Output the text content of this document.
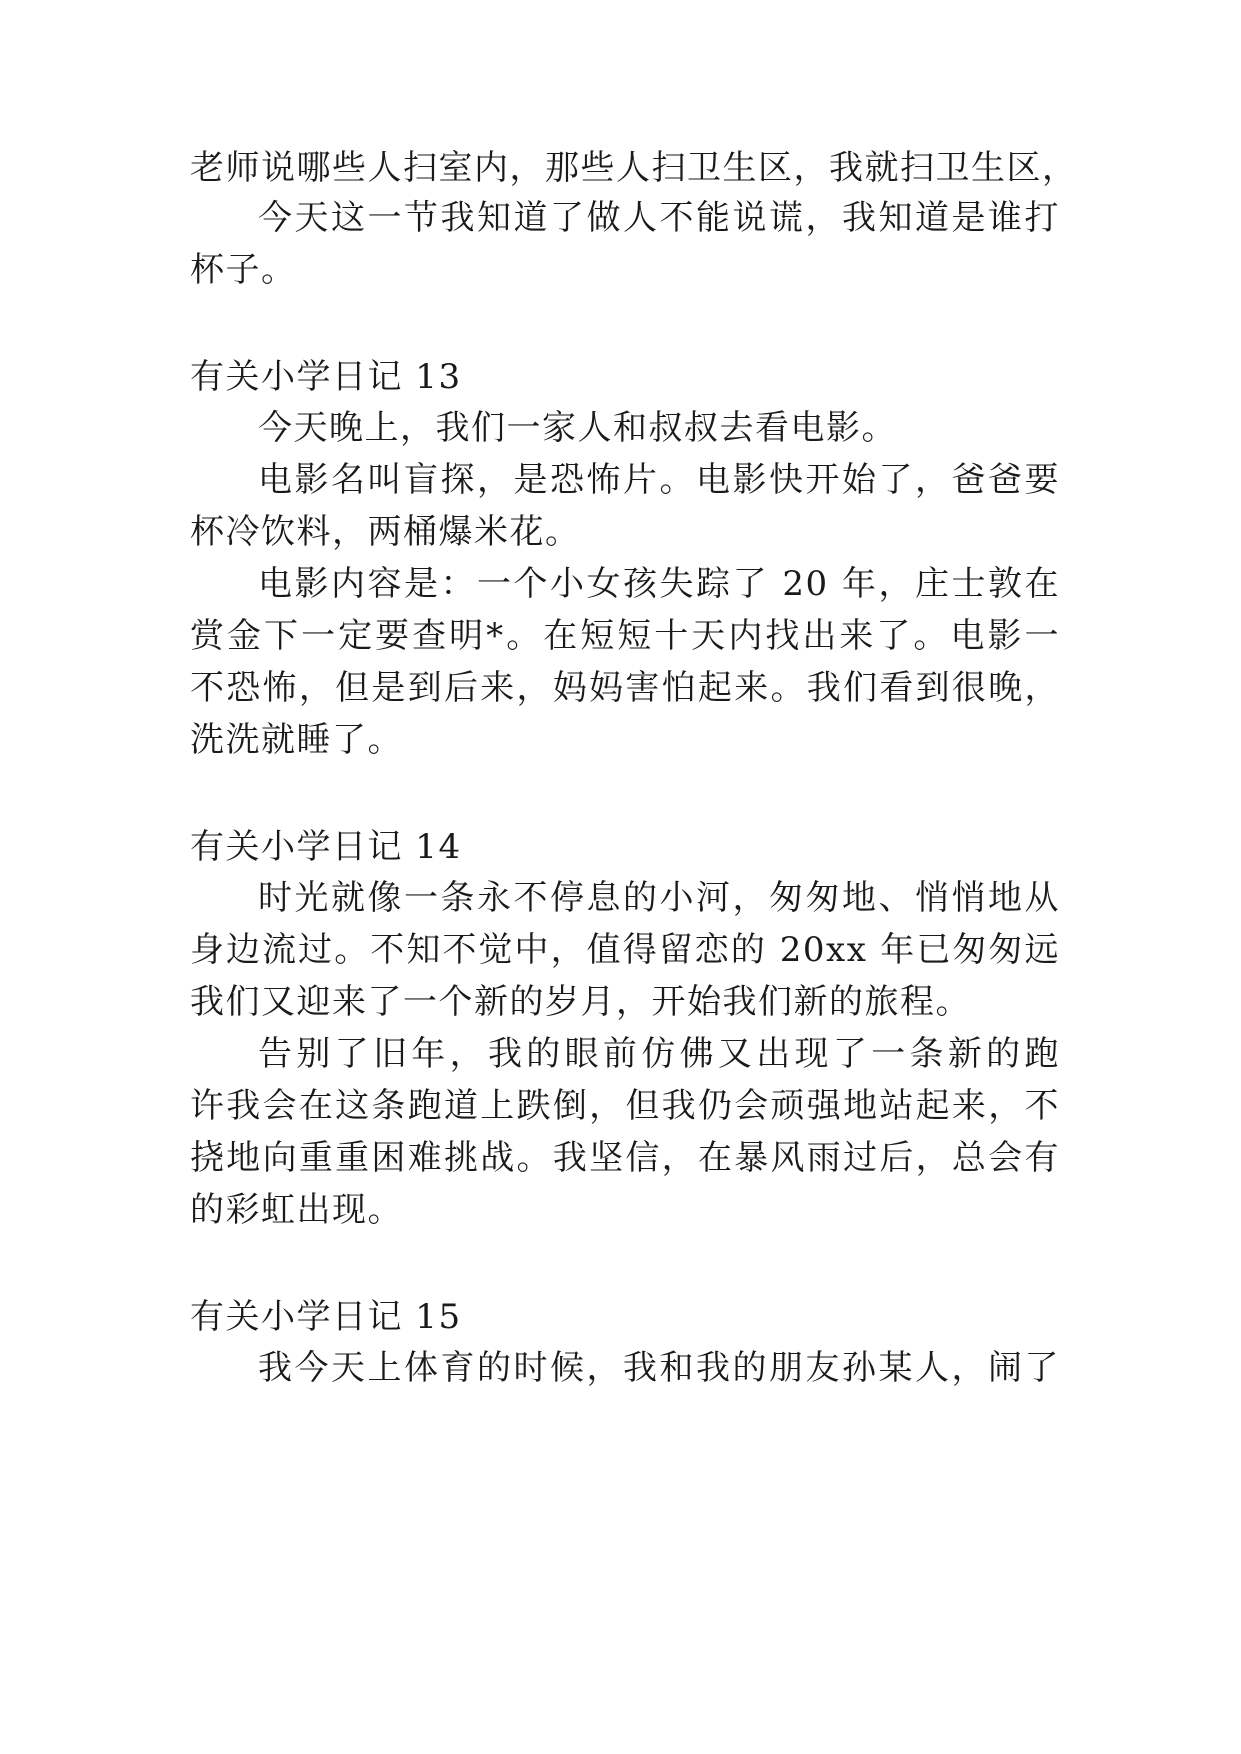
老师说哪些人扫室内，那些人扫卫生区，我就扫卫生区，
今天这一节我知道了做人不能说谎，我知道是谁打
杯子。
有关小学日记 13
今天晚上，我们一家人和叔叔去看电影。
电影名叫盲探，是恐怖片。电影快开始了，爸爸要
杯冷饮料，两桶爆米花。
电影内容是：一个小女孩失踪了 20 年，庄士敦在
赏金下一定要查明*。在短短十天内找出来了。电影一
不恐怖，但是到后来，妈妈害怕起来。我们看到很晚，
洗洗就睡了。
有关小学日记 14
时光就像一条永不停息的小河，匆匆地、悄悄地从
身边流过。不知不觉中，值得留恋的 20xx 年已匆匆远
我们又迎来了一个新的岁月，开始我们新的旅程。
告别了旧年，我的眼前仿佛又出现了一条新的跑
许我会在这条跑道上跌倒，但我仍会顽强地站起来，不
挠地向重重困难挑战。我坚信，在暴风雨过后，总会有
的彩虹出现。
有关小学日记 15
我今天上体育的时候，我和我的朋友孙某人，闹了
